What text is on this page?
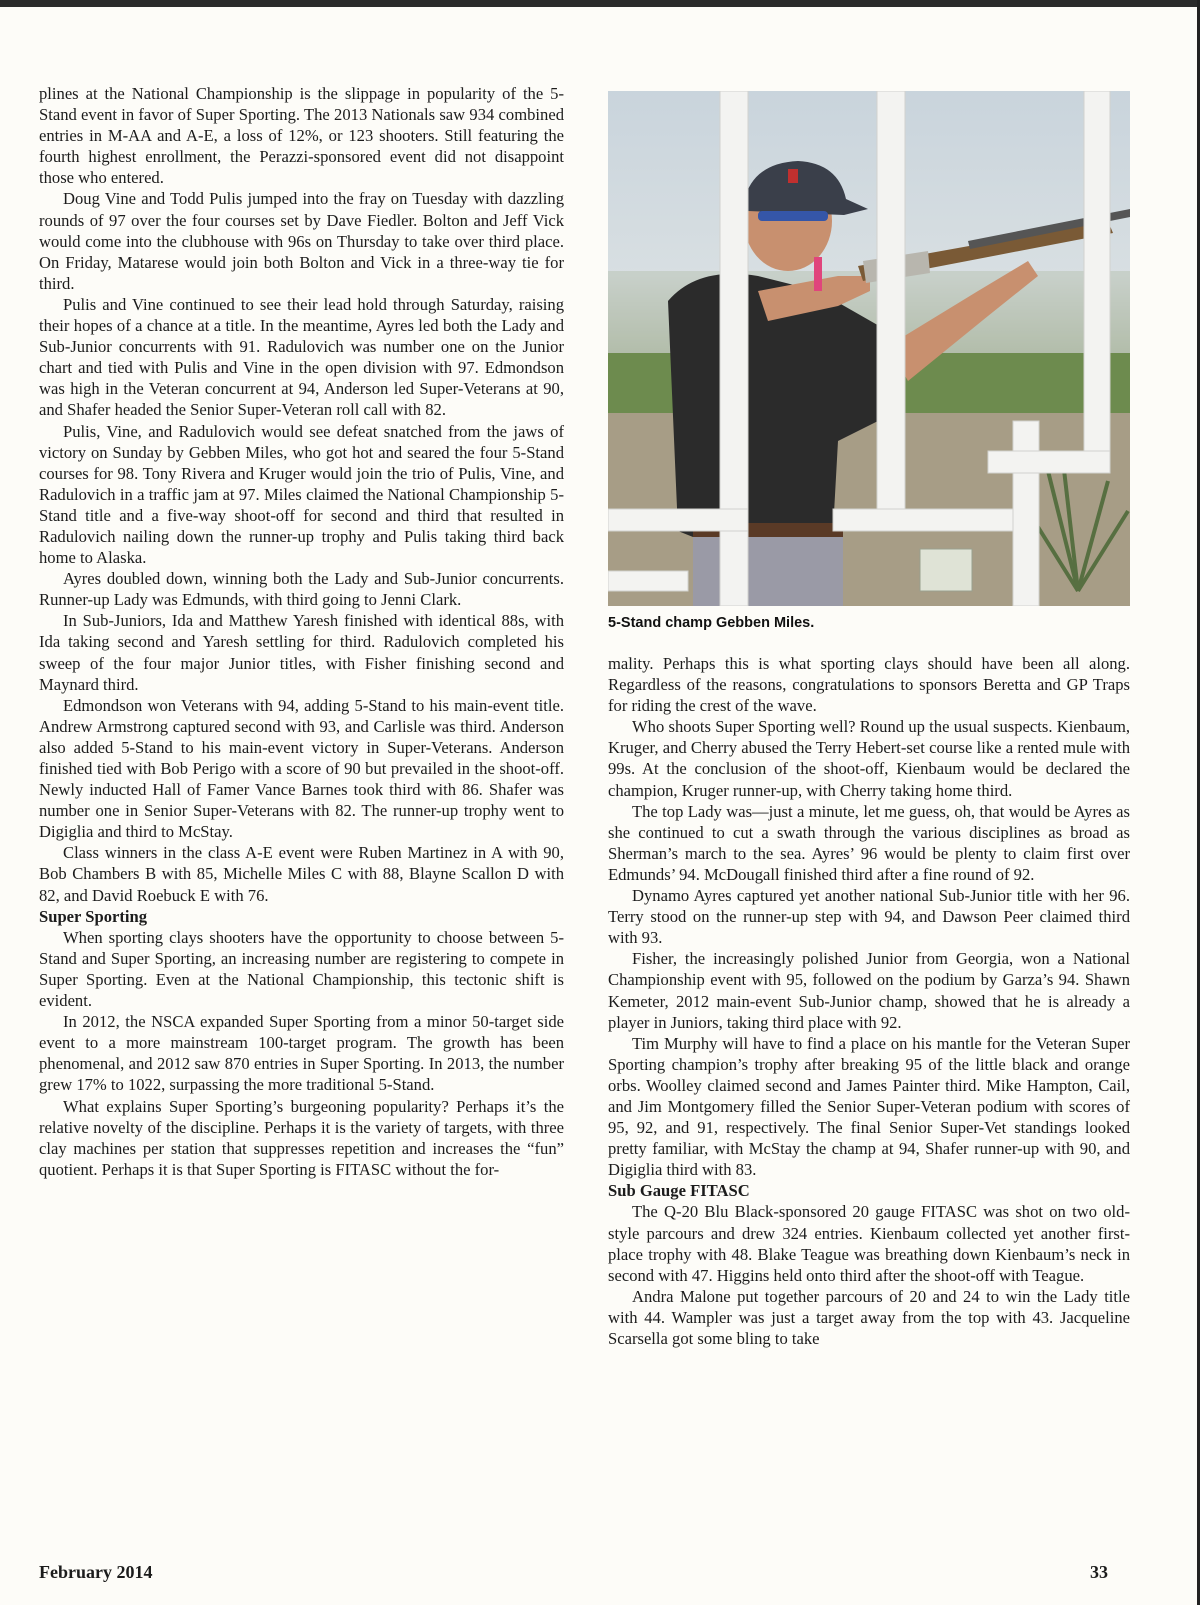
plines at the National Championship is the slippage in popularity of the 5-Stand event in favor of Super Sporting. The 2013 Nationals saw 934 combined entries in M-AA and A-E, a loss of 12%, or 123 shooters. Still featuring the fourth highest enrollment, the Perazzi-sponsored event did not disappoint those who entered.

Doug Vine and Todd Pulis jumped into the fray on Tuesday with dazzling rounds of 97 over the four courses set by Dave Fiedler. Bolton and Jeff Vick would come into the clubhouse with 96s on Thursday to take over third place. On Friday, Matarese would join both Bolton and Vick in a three-way tie for third.

Pulis and Vine continued to see their lead hold through Saturday, raising their hopes of a chance at a title. In the meantime, Ayres led both the Lady and Sub-Junior concurrents with 91. Radulovich was number one on the Junior chart and tied with Pulis and Vine in the open division with 97. Edmondson was high in the Veteran concurrent at 94, Anderson led Super-Veterans at 90, and Shafer headed the Senior Super-Veteran roll call with 82.

Pulis, Vine, and Radulovich would see defeat snatched from the jaws of victory on Sunday by Gebben Miles, who got hot and seared the four 5-Stand courses for 98. Tony Rivera and Kruger would join the trio of Pulis, Vine, and Radulovich in a traffic jam at 97. Miles claimed the National Championship 5-Stand title and a five-way shoot-off for second and third that resulted in Radulovich nailing down the runner-up trophy and Pulis taking third back home to Alaska.

Ayres doubled down, winning both the Lady and Sub-Junior concurrents. Runner-up Lady was Edmunds, with third going to Jenni Clark.

In Sub-Juniors, Ida and Matthew Yaresh finished with identical 88s, with Ida taking second and Yaresh settling for third. Radulovich completed his sweep of the four major Junior titles, with Fisher finishing second and Maynard third.

Edmondson won Veterans with 94, adding 5-Stand to his main-event title. Andrew Armstrong captured second with 93, and Carlisle was third. Anderson also added 5-Stand to his main-event victory in Super-Veterans. Anderson finished tied with Bob Perigo with a score of 90 but prevailed in the shoot-off. Newly inducted Hall of Famer Vance Barnes took third with 86. Shafer was number one in Senior Super-Veterans with 82. The runner-up trophy went to Digiglia and third to McStay.

Class winners in the class A-E event were Ruben Martinez in A with 90, Bob Chambers B with 85, Michelle Miles C with 88, Blayne Scallon D with 82, and David Roebuck E with 76.

Super Sporting

When sporting clays shooters have the opportunity to choose between 5-Stand and Super Sporting, an increasing number are registering to compete in Super Sporting. Even at the National Championship, this tectonic shift is evident.

In 2012, the NSCA expanded Super Sporting from a minor 50-target side event to a more mainstream 100-target program. The growth has been phenomenal, and 2012 saw 870 entries in Super Sporting. In 2013, the number grew 17% to 1022, surpassing the more traditional 5-Stand.

What explains Super Sporting’s burgeoning popularity? Perhaps it’s the relative novelty of the discipline. Perhaps it is the variety of targets, with three clay machines per station that suppresses repetition and increases the “fun” quotient. Perhaps it is that Super Sporting is FITASC without the for-

5-Stand champ Gebben Miles.

mality. Perhaps this is what sporting clays should have been all along. Regardless of the reasons, congratulations to sponsors Beretta and GP Traps for riding the crest of the wave.

Who shoots Super Sporting well? Round up the usual suspects. Kienbaum, Kruger, and Cherry abused the Terry Hebert-set course like a rented mule with 99s. At the conclusion of the shoot-off, Kienbaum would be declared the champion, Kruger runner-up, with Cherry taking home third.

The top Lady was—just a minute, let me guess, oh, that would be Ayres as she continued to cut a swath through the various disciplines as broad as Sherman’s march to the sea. Ayres’ 96 would be plenty to claim first over Edmunds’ 94. McDougall finished third after a fine round of 92.

Dynamo Ayres captured yet another national Sub-Junior title with her 96. Terry stood on the runner-up step with 94, and Dawson Peer claimed third with 93.

Fisher, the increasingly polished Junior from Georgia, won a National Championship event with 95, followed on the podium by Garza’s 94. Shawn Kemeter, 2012 main-event Sub-Junior champ, showed that he is already a player in Juniors, taking third place with 92.

Tim Murphy will have to find a place on his mantle for the Veteran Super Sporting champion’s trophy after breaking 95 of the little black and orange orbs. Woolley claimed second and James Painter third. Mike Hampton, Cail, and Jim Montgomery filled the Senior Super-Veteran podium with scores of 95, 92, and 91, respectively. The final Senior Super-Vet standings looked pretty familiar, with McStay the champ at 94, Shafer runner-up with 90, and Digiglia third with 83.

Sub Gauge FITASC

The Q-20 Blu Black-sponsored 20 gauge FITASC was shot on two old-style parcours and drew 324 entries. Kienbaum collected yet another first-place trophy with 48. Blake Teague was breathing down Kienbaum’s neck in second with 47. Higgins held onto third after the shoot-off with Teague.

Andra Malone put together parcours of 20 and 24 to win the Lady title with 44. Wampler was just a target away from the top with 43. Jacqueline Scarsella got some bling to take

February 2014	33
